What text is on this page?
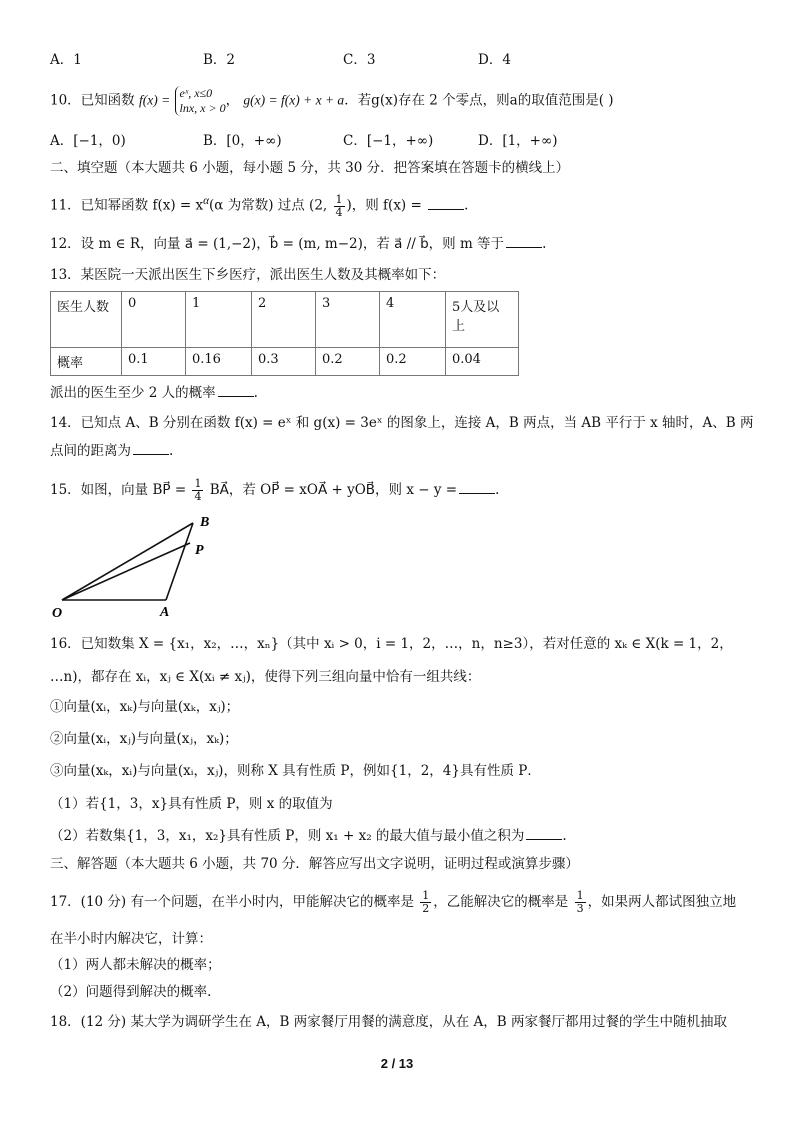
A．1	B．2	C．3	D．4
10．已知函数 f(x) = eˣ, x≤0
lnx, x > 0， g(x) = f(x) + x + a．若g(x)存在 2 个零点，则a的取值范围是( )
A．[−1，0)	B．[0，+∞)	C．[−1，+∞)	D．[1，+∞)
二、填空题（本大题共 6 小题，每小题 5 分，共 30 分．把答案填在答题卡的横线上）
11．已知幂函数 $f(x) = x^\alpha(\alpha$ 为常数) 过点 (2, $\frac{1}{4}$ )，则 f(x) =	.
12．设 m ∈ R，向量 a⃗ = (1,−2)，b⃗ = (m, m−2)，若 a⃗ // b⃗，则 m 等于	.
13．某医院一天派出医生下乡医疗，派出医生人数及其概率如下：
医生人数	0	1	2	3	4	5人及以上
概率	0.1	0.16	0.3	0.2	0.2	0.04
派出的医生至少 2 人的概率	.
14．已知点 A、B 分别在函数 f(x) = eˣ 和 g(x) = 3eˣ 的图象上，连接 A，B 两点，当 AB 平行于 x 轴时，A、B 两
点间的距离为	.
15．如图，向量 BP⃗ = $\frac{1}{4}$ BA⃗，若 OP⃗ = xOA⃗ + yOB⃗，则 x − y =	.
O	A
B
P
16．已知数集 X = {x₁，x₂，…，xₙ}（其中 xᵢ > 0，i = 1，2，…，n，n≥3），若对任意的 xₖ ∈ X(k = 1，2，
…n)，都存在 xᵢ，xⱼ ∈ X(xᵢ ≠ xⱼ)，使得下列三组向量中恰有一组共线：
①向量(xᵢ，xₖ)与向量(xₖ，xⱼ)；
②向量(xᵢ，xⱼ)与向量(xⱼ，xₖ)；
③向量(xₖ，xᵢ)与向量(xᵢ，xⱼ)，则称 X 具有性质 P，例如{1，2，4}具有性质 P．
（1）若{1，3，x}具有性质 P，则 x 的取值为
（2）若数集{1，3，x₁，x₂}具有性质 P，则 x₁ + x₂ 的最大值与最小值之积为	.
三、解答题（本大题共 6 小题，共 70 分．解答应写出文字说明，证明过程或演算步骤）
17．(10 分) 有一个问题，在半小时内，甲能解决它的概率是 $\frac{1}{2}$ ，乙能解决它的概率是 $\frac{1}{3}$ ，如果两人都试图独立地
在半小时内解决它，计算：
（1）两人都未解决的概率；
（2）问题得到解决的概率.
18．(12 分) 某大学为调研学生在 A，B 两家餐厅用餐的满意度，从在 A，B 两家餐厅都用过餐的学生中随机抽取
2 / 13
